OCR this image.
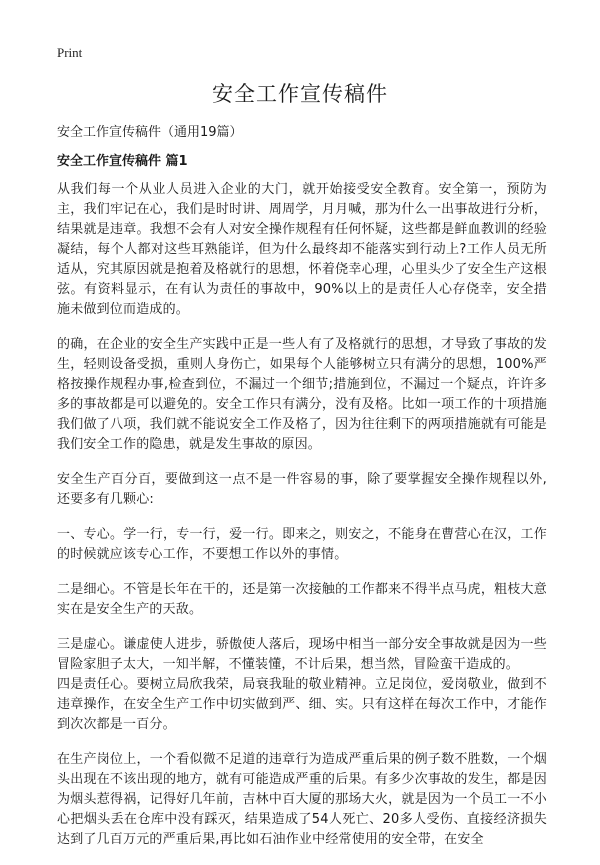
Print
安全工作宣传稿件

安全工作宣传稿件（通用19篇）

安全工作宣传稿件 篇1

从我们每一个从业人员进入企业的大门，就开始接受安全教育。安全第一，预防为主，我们牢记在心，我们是时时讲、周周学，月月喊，那为什么一出事故进行分析，结果就是违章。我想不会有人对安全操作规程有任何怀疑，这些都是鲜血教训的经验凝结，每个人都对这些耳熟能详，但为什么最终却不能落实到行动上?工作人员无所适从，究其原因就是抱着及格就行的思想，怀着侥幸心理，心里头少了安全生产这根弦。有资料显示，在有认为责任的事故中，90%以上的是责任人心存侥幸，安全措施未做到位而造成的。

的确，在企业的安全生产实践中正是一些人有了及格就行的思想，才导致了事故的发生，轻则设备受损，重则人身伤亡，如果每个人能够树立只有满分的思想，100%严格按操作规程办事,检查到位，不漏过一个细节;措施到位，不漏过一个疑点，许许多多的事故都是可以避免的。安全工作只有满分，没有及格。比如一项工作的十项措施我们做了八项，我们就不能说安全工作及格了，因为往往剩下的两项措施就有可能是我们安全工作的隐患，就是发生事故的原因。

安全生产百分百，要做到这一点不是一件容易的事，除了要掌握安全操作规程以外,还要多有几颗心:

一、专心。学一行，专一行，爱一行。即来之，则安之，不能身在曹营心在汉，工作的时候就应该专心工作，不要想工作以外的事情。

二是细心。不管是长年在干的，还是第一次接触的工作都来不得半点马虎，粗枝大意实在是安全生产的天敌。

三是虚心。谦虚使人进步，骄傲使人落后，现场中相当一部分安全事故就是因为一些冒险家胆子太大，一知半解，不懂装懂，不计后果，想当然，冒险蛮干造成的。

四是责任心。要树立局欣我荣，局衰我耻的敬业精神。立足岗位，爱岗敬业，做到不违章操作，在安全生产工作中切实做到严、细、实。只有这样在每次工作中，才能作到次次都是一百分。

在生产岗位上，一个看似微不足道的违章行为造成严重后果的例子数不胜数，一个烟头出现在不该出现的地方，就有可能造成严重的后果。有多少次事故的发生，都是因为烟头惹得祸，记得好几年前，吉林中百大厦的那场大火，就是因为一个员工一不小心把烟头丢在仓库中没有踩灭，结果造成了54人死亡、20多人受伤、直接经济损失达到了几百万元的严重后果,再比如石油作业中经常使用的安全带，在安全
